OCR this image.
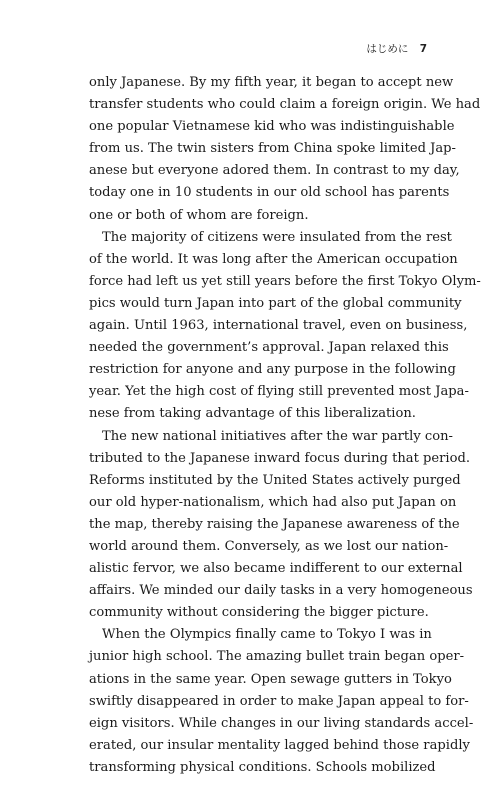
はじめに 7
only Japanese. By my fifth year, it began to accept new
transfer students who could claim a foreign origin. We had
one popular Vietnamese kid who was indistinguishable
from us. The twin sisters from China spoke limited Jap-
anese but everyone adored them. In contrast to my day,
today one in 10 students in our old school has parents
one or both of whom are foreign.
The majority of citizens were insulated from the rest
of the world. It was long after the American occupation
force had left us yet still years before the first Tokyo Olym-
pics would turn Japan into part of the global community
again. Until 1963, international travel, even on business,
needed the government’s approval. Japan relaxed this
restriction for anyone and any purpose in the following
year. Yet the high cost of flying still prevented most Japa-
nese from taking advantage of this liberalization.
The new national initiatives after the war partly con-
tributed to the Japanese inward focus during that period.
Reforms instituted by the United States actively purged
our old hyper-nationalism, which had also put Japan on
the map, thereby raising the Japanese awareness of the
world around them. Conversely, as we lost our nation-
alistic fervor, we also became indifferent to our external
affairs. We minded our daily tasks in a very homogeneous
community without considering the bigger picture.
When the Olympics finally came to Tokyo I was in
junior high school. The amazing bullet train began oper-
ations in the same year. Open sewage gutters in Tokyo
swiftly disappeared in order to make Japan appeal to for-
eign visitors. While changes in our living standards accel-
erated, our insular mentality lagged behind those rapidly
transforming physical conditions. Schools mobilized
